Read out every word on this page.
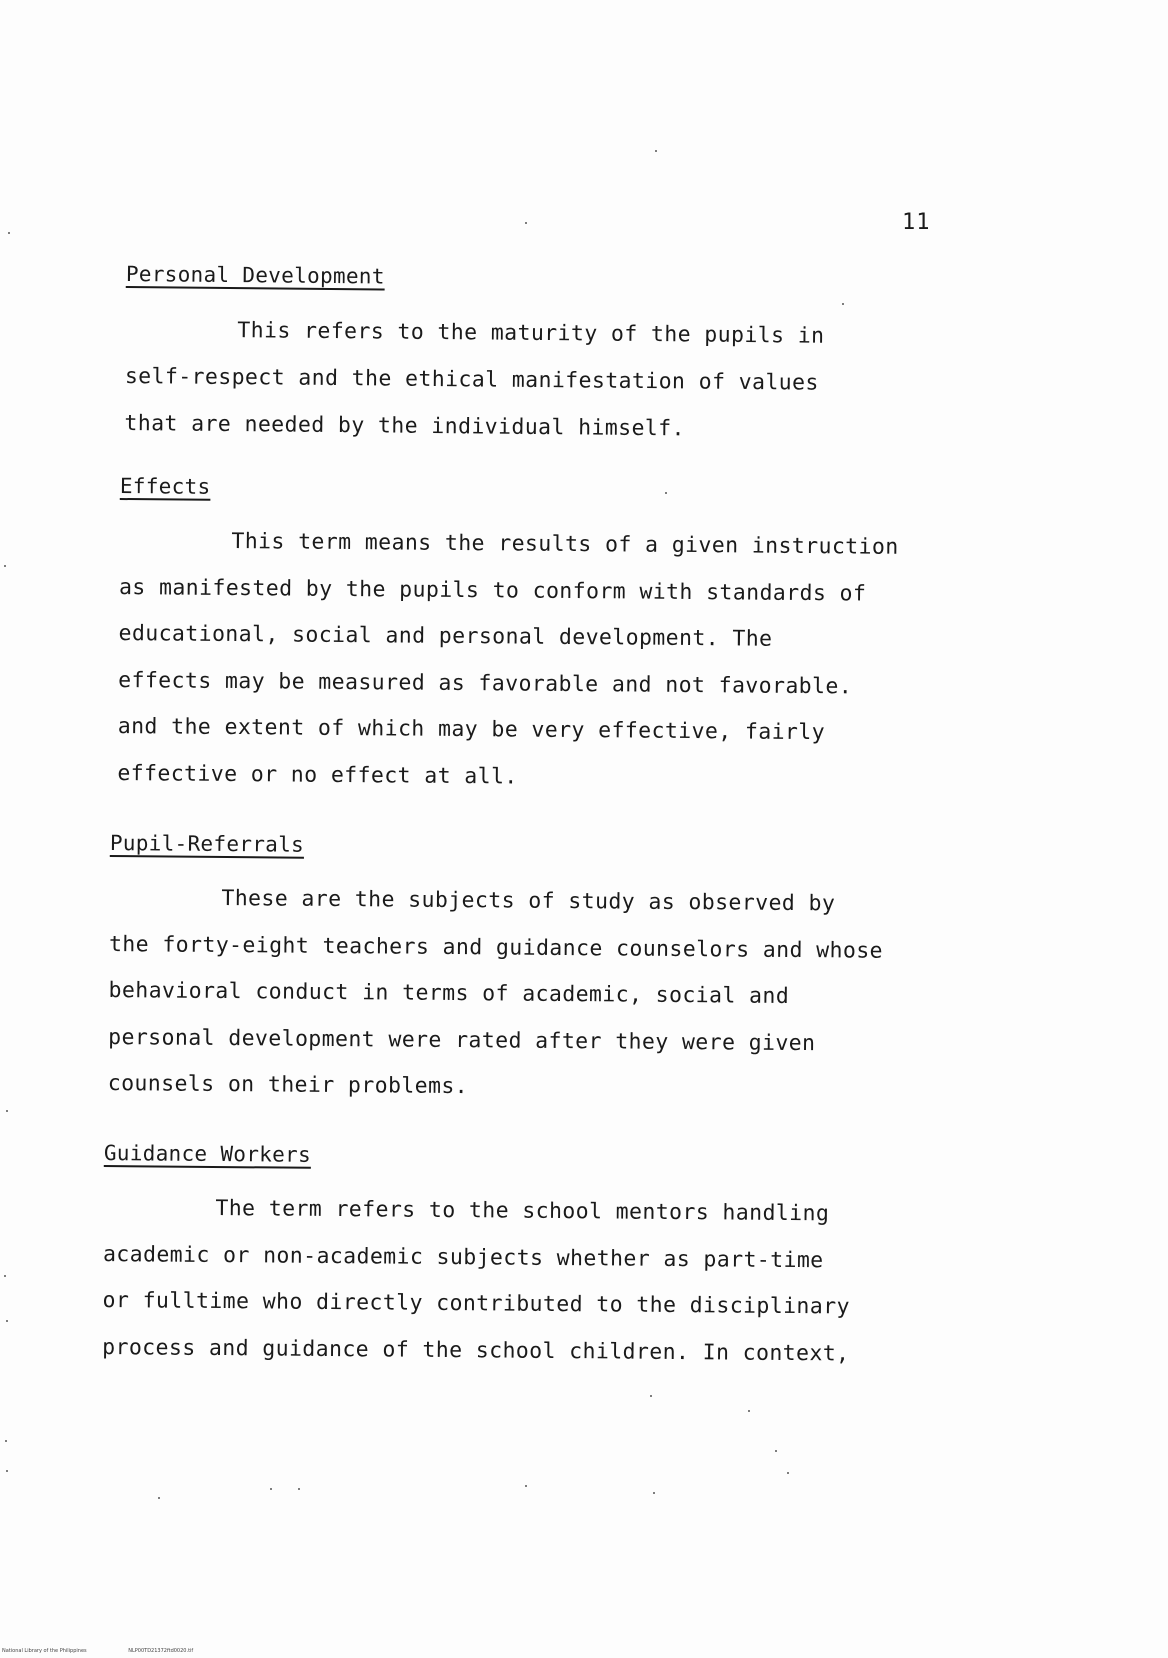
11
Personal Development
This refers to the maturity of the pupils in
self-respect and the ethical manifestation of values
that are needed by the individual himself.
Effects
This term means the results of a given instruction
as manifested by the pupils to conform with standards of
educational, social and personal development. The
effects may be measured as favorable and not favorable.
and the extent of which may be very effective, fairly
effective or no effect at all.
Pupil-Referrals
These are the subjects of study as observed by
the forty-eight teachers and guidance counselors and whose
behavioral conduct in terms of academic, social and
personal development were rated after they were given
counsels on their problems.
Guidance Workers
The term refers to the school mentors handling
academic or non-academic subjects whether as part-time
or fulltime who directly contributed to the disciplinary
process and guidance of the school children. In context,
National Library of the Philippines	NLP00TD21372ftd0020.tif
